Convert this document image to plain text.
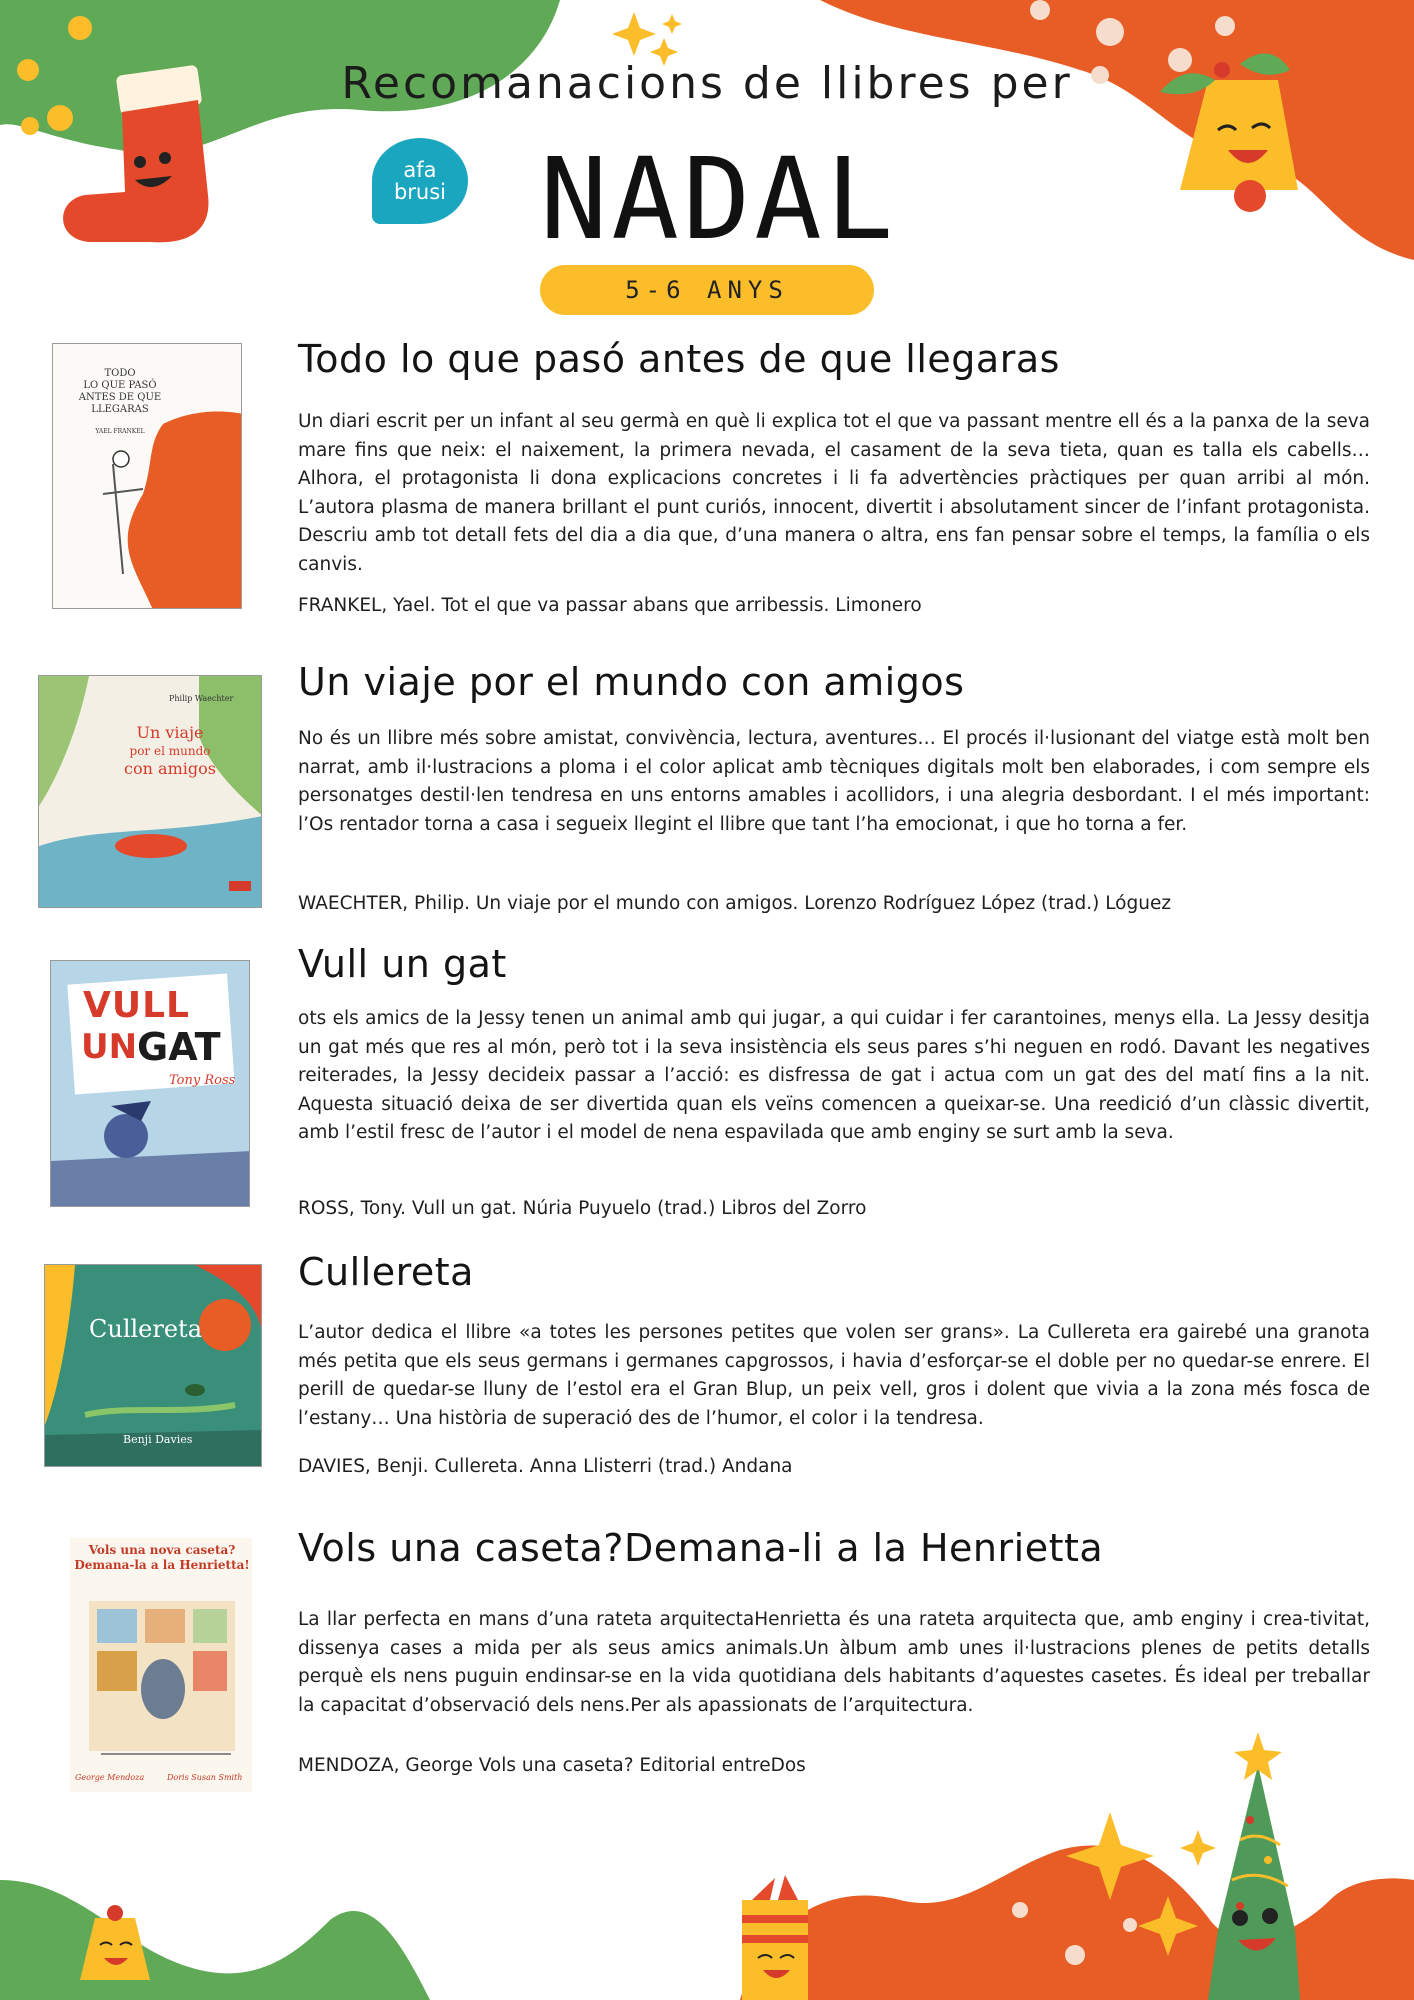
Recomanacions de llibres per
afa
brusi NADAL
5-6 ANYS
TODO
LO QUE PASÓ
ANTES DE QUE
LLEGARAS
YAEL FRANKEL
Todo lo que pasó antes de que llegaras
Un diari escrit per un infant al seu germà en què li explica tot el que va passant mentre ell és a la panxa de la seva mare fins que neix: el naixement, la primera nevada, el casament de la seva tieta, quan es talla els cabells… Alhora, el protagonista li dona explicacions concretes i li fa advertències pràctiques per quan arribi al món. L’autora plasma de manera brillant el punt curiós, innocent, divertit i absolutament sincer de l’infant protagonista. Descriu amb tot detall fets del dia a dia que, d’una manera o altra, ens fan pensar sobre el temps, la família o els canvis.
FRANKEL, Yael. Tot el que va passar abans que arribessis. Limonero
Philip Waechter
Un viaje
por el mundo
con amigos
Un viaje por el mundo con amigos
No és un llibre més sobre amistat, convivència, lectura, aventures… El procés il·lusionant del viatge està molt ben narrat, amb il·lustracions a ploma i el color aplicat amb tècniques digitals molt ben elaborades, i com sempre els personatges destil·len tendresa en uns entorns amables i acollidors, i una alegria desbordant. I el més important: l’Os rentador torna a casa i segueix llegint el llibre que tant l’ha emocionat, i que ho torna a fer.
WAECHTER, Philip. Un viaje por el mundo con amigos. Lorenzo Rodríguez López (trad.) Lóguez
VULL
UN GAT
Tony Ross
Vull un gat
ots els amics de la Jessy tenen un animal amb qui jugar, a qui cuidar i fer carantoines, menys ella. La Jessy desitja un gat més que res al món, però tot i la seva insistència els seus pares s’hi neguen en rodó. Davant les negatives reiterades, la Jessy decideix passar a l’acció: es disfressa de gat i actua com un gat des del matí fins a la nit. Aquesta situació deixa de ser divertida quan els veïns comencen a queixar-se. Una reedició d’un clàssic divertit, amb l’estil fresc de l’autor i el model de nena espavilada que amb enginy se surt amb la seva.
ROSS, Tony. Vull un gat. Núria Puyuelo (trad.) Libros del Zorro
Cullereta
Benji Davies
Cullereta
L’autor dedica el llibre «a totes les persones petites que volen ser grans». La Cullereta era gairebé una granota més petita que els seus germans i germanes capgrossos, i havia d’esforçar-se el doble per no quedar-se enrere. El perill de quedar-se lluny de l’estol era el Gran Blup, un peix vell, gros i dolent que vivia a la zona més fosca de l’estany… Una història de superació des de l’humor, el color i la tendresa.
DAVIES, Benji. Cullereta. Anna Llisterri (trad.) Andana
Vols una nova caseta?
Demana-la a la Henrietta!
George Mendoza	Doris Susan Smith
Vols una caseta?Demana-li a la Henrietta
La llar perfecta en mans d’una rateta arquitectaHenrietta és una rateta arquitecta que, amb enginy i crea-tivitat, dissenya cases a mida per als seus amics animals.Un àlbum amb unes il·lustracions plenes de petits detalls perquè els nens puguin endinsar-se en la vida quotidiana dels habitants d’aquestes casetes. És ideal per treballar la capacitat d’observació dels nens.Per als apassionats de l’arquitectura.
MENDOZA, George Vols una caseta? Editorial entreDos
